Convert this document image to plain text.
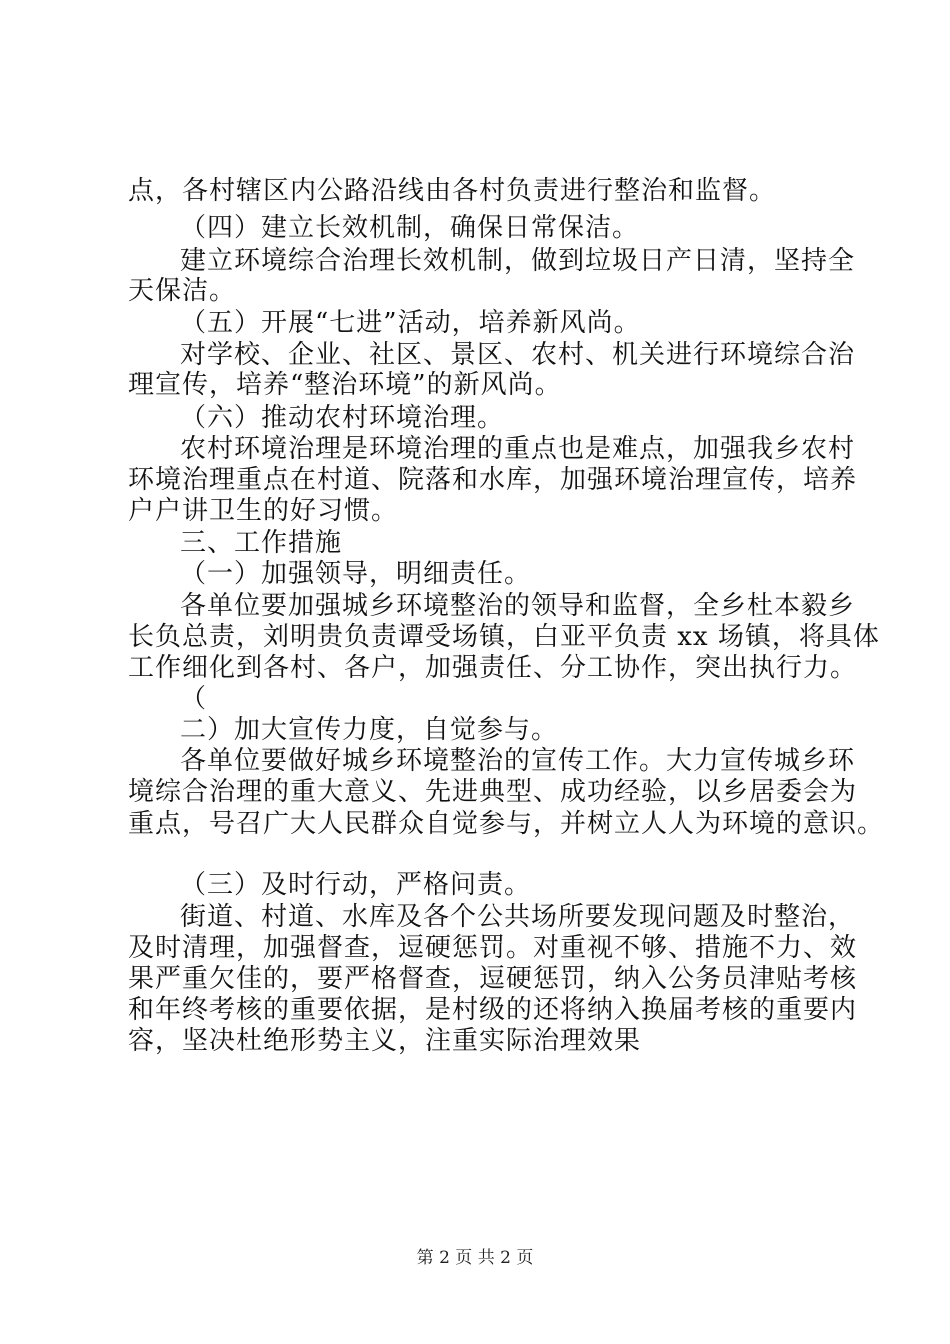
点，各村辖区内公路沿线由各村负责进行整治和监督。
（四）建立长效机制，确保日常保洁。
建立环境综合治理长效机制，做到垃圾日产日清，坚持全
天保洁。
（五）开展“七进”活动，培养新风尚。
对学校、企业、社区、景区、农村、机关进行环境综合治
理宣传，培养“整治环境”的新风尚。
（六）推动农村环境治理。
农村环境治理是环境治理的重点也是难点，加强我乡农村
环境治理重点在村道、院落和水库，加强环境治理宣传，培养
户户讲卫生的好习惯。
三、工作措施
（一）加强领导，明细责任。
各单位要加强城乡环境整治的领导和监督，全乡杜本毅乡
长负总责，刘明贵负责谭受场镇，白亚平负责 xx 场镇，将具体
工作细化到各村、各户，加强责任、分工协作，突出执行力。
（
二）加大宣传力度，自觉参与。
各单位要做好城乡环境整治的宣传工作。大力宣传城乡环
境综合治理的重大意义、先进典型、成功经验，以乡居委会为
重点，号召广大人民群众自觉参与，并树立人人为环境的意识。
（三）及时行动，严格问责。
街道、村道、水库及各个公共场所要发现问题及时整治，
及时清理，加强督查，逗硬惩罚。对重视不够、措施不力、效
果严重欠佳的，要严格督查，逗硬惩罚，纳入公务员津贴考核
和年终考核的重要依据，是村级的还将纳入换届考核的重要内
容，坚决杜绝形势主义，注重实际治理效果
第 2 页 共 2 页
